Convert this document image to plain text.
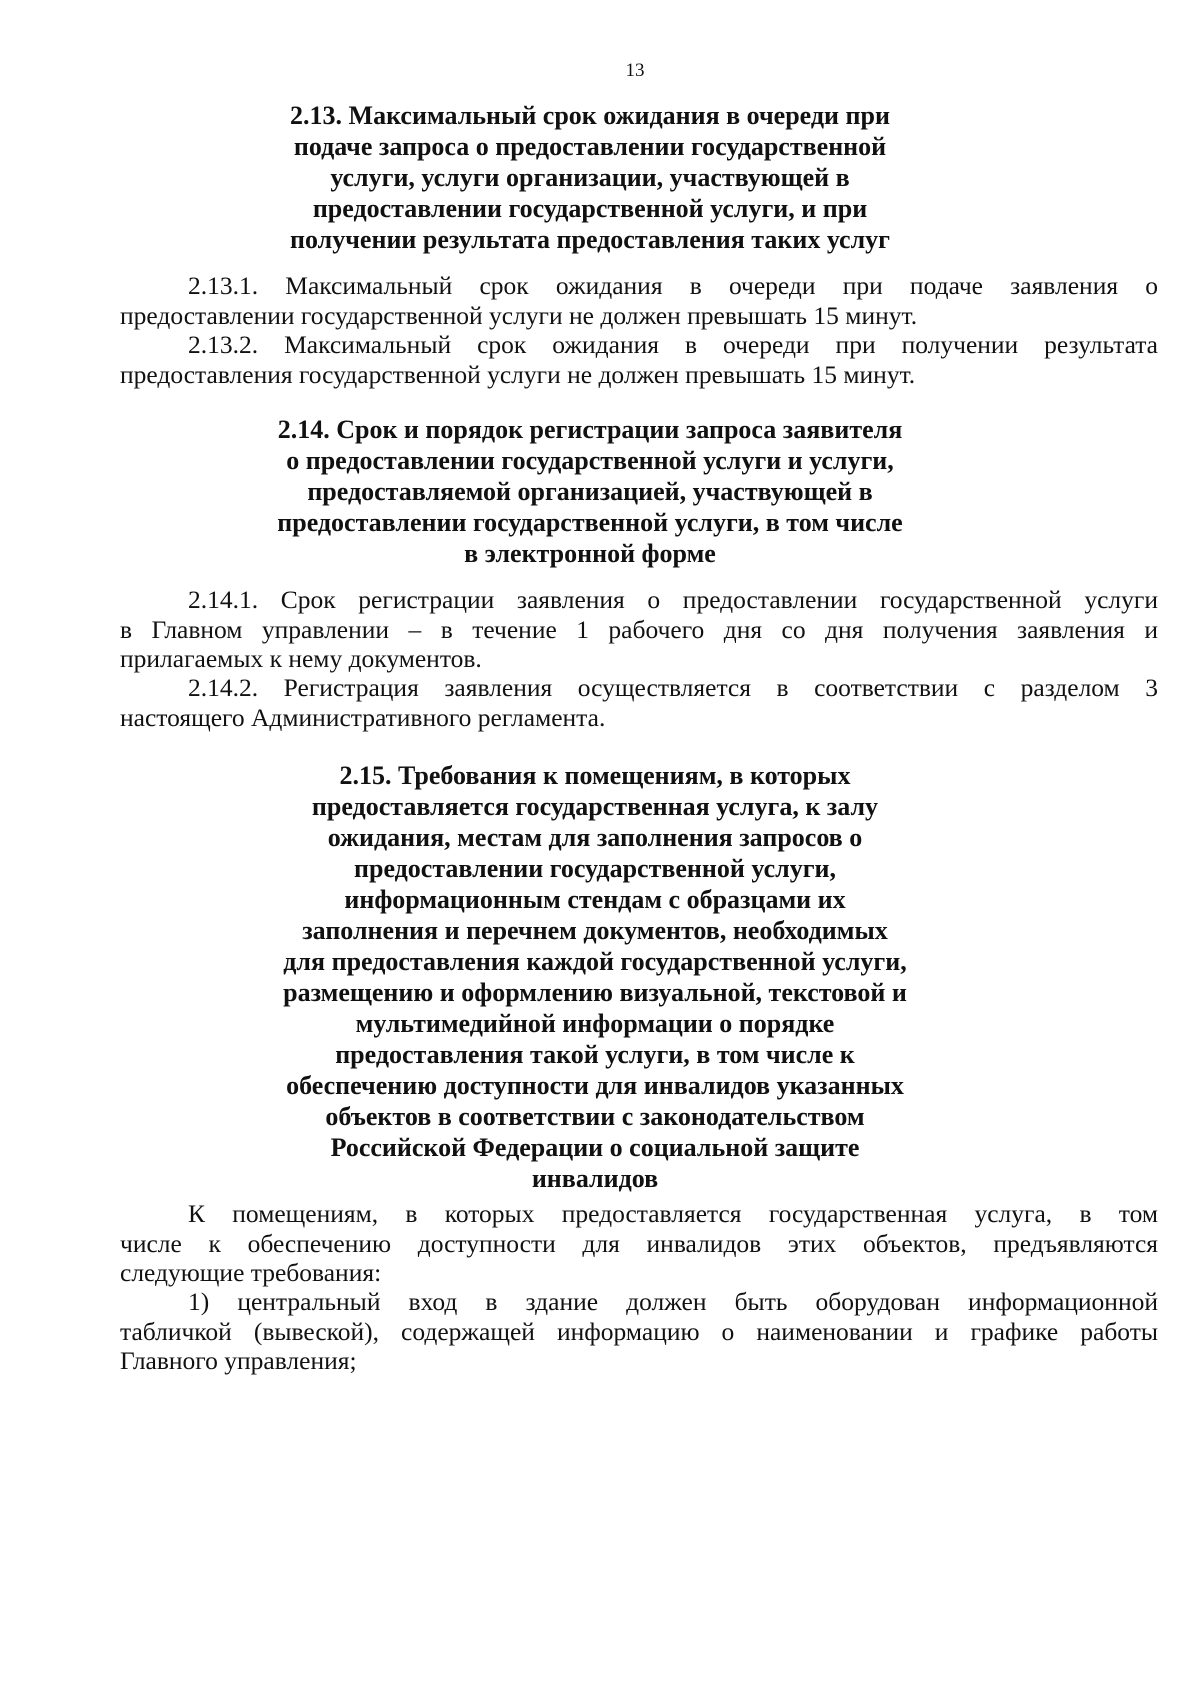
13
2.13. Максимальный срок ожидания в очереди при
подаче запроса о предоставлении государственной
услуги, услуги организации, участвующей в
предоставлении государственной услуги, и при
получении результата предоставления таких услуг
2.13.1. Максимальный срок ожидания в очереди при подаче заявления о
предоставлении государственной услуги не должен превышать 15 минут.
2.13.2. Максимальный срок ожидания в очереди при получении результата
предоставления государственной услуги не должен превышать 15 минут.
2.14. Срок и порядок регистрации запроса заявителя
о предоставлении государственной услуги и услуги,
предоставляемой организацией, участвующей в
предоставлении государственной услуги, в том числе
в электронной форме
2.14.1. Срок регистрации заявления о предоставлении государственной услуги
в Главном управлении – в течение 1 рабочего дня со дня получения заявления и
прилагаемых к нему документов.
2.14.2. Регистрация заявления осуществляется в соответствии с разделом 3
настоящего Административного регламента.
2.15. Требования к помещениям, в которых
предоставляется государственная услуга, к залу
ожидания, местам для заполнения запросов о
предоставлении государственной услуги,
информационным стендам с образцами их
заполнения и перечнем документов, необходимых
для предоставления каждой государственной услуги,
размещению и оформлению визуальной, текстовой и
мультимедийной информации о порядке
предоставления такой услуги, в том числе к
обеспечению доступности для инвалидов указанных
объектов в соответствии с законодательством
Российской Федерации о социальной защите
инвалидов
К помещениям, в которых предоставляется государственная услуга, в том
числе к обеспечению доступности для инвалидов этих объектов, предъявляются
следующие требования:
1) центральный вход в здание должен быть оборудован информационной
табличкой (вывеской), содержащей информацию о наименовании и графике работы
Главного управления;
